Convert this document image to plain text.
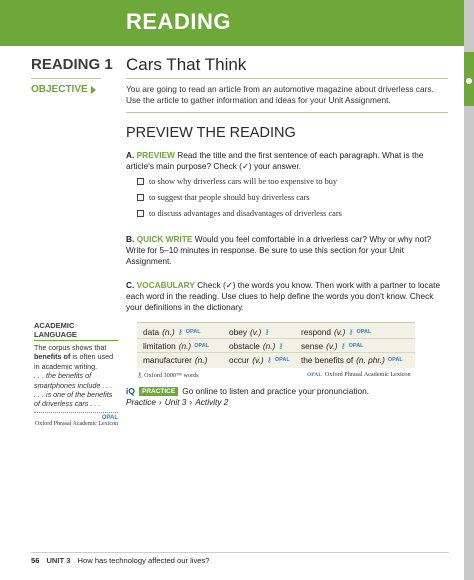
READING
READING 1 Cars That Think
OBJECTIVE	You are going to read an article from an automotive magazine about driverless cars. Use the article to gather information and ideas for your Unit Assignment.
PREVIEW THE READING
A. PREVIEW Read the title and the first sentence of each paragraph. What is the article's main purpose? Check (✓) your answer.
to show why driverless cars will be too expensive to buy
to suggest that people should buy driverless cars
to discuss advantages and disadvantages of driverless cars
B. QUICK WRITE Would you feel comfortable in a driverless car? Why or why not? Write for 5–10 minutes in response. Be sure to use this section for your Unit Assignment.
C. VOCABULARY Check (✓) the words you know. Then work with a partner to locate each word in the reading. Use clues to help define the words you don't know. Check your definitions in the dictionary.
ACADEMIC LANGUAGE
The corpus shows that benefits of is often used in academic writing.
. . . the benefits of smartphones include . . .
. . . is one of the benefits of driverless cars . . .
OPAL
Oxford Phrasal Academic Lexicon
data (n.) ⚷ OPAL	obey (v.) ⚷	respond (v.) ⚷ OPAL
limitation (n.) OPAL obstacle (n.) ⚷ sense (v.) ⚷ OPAL
manufacturer (n.)	occur (v.) ⚷ OPAL the benefits of (n. phr.) OPAL
⚷ Oxford 3000™ words	OPAL Oxford Phrasal Academic Lexicon
iQ	PRACTICE Go online to listen and practice your pronunciation.
Practice › Unit 3 › Activity 2
56 UNIT 3 How has technology affected our lives?
